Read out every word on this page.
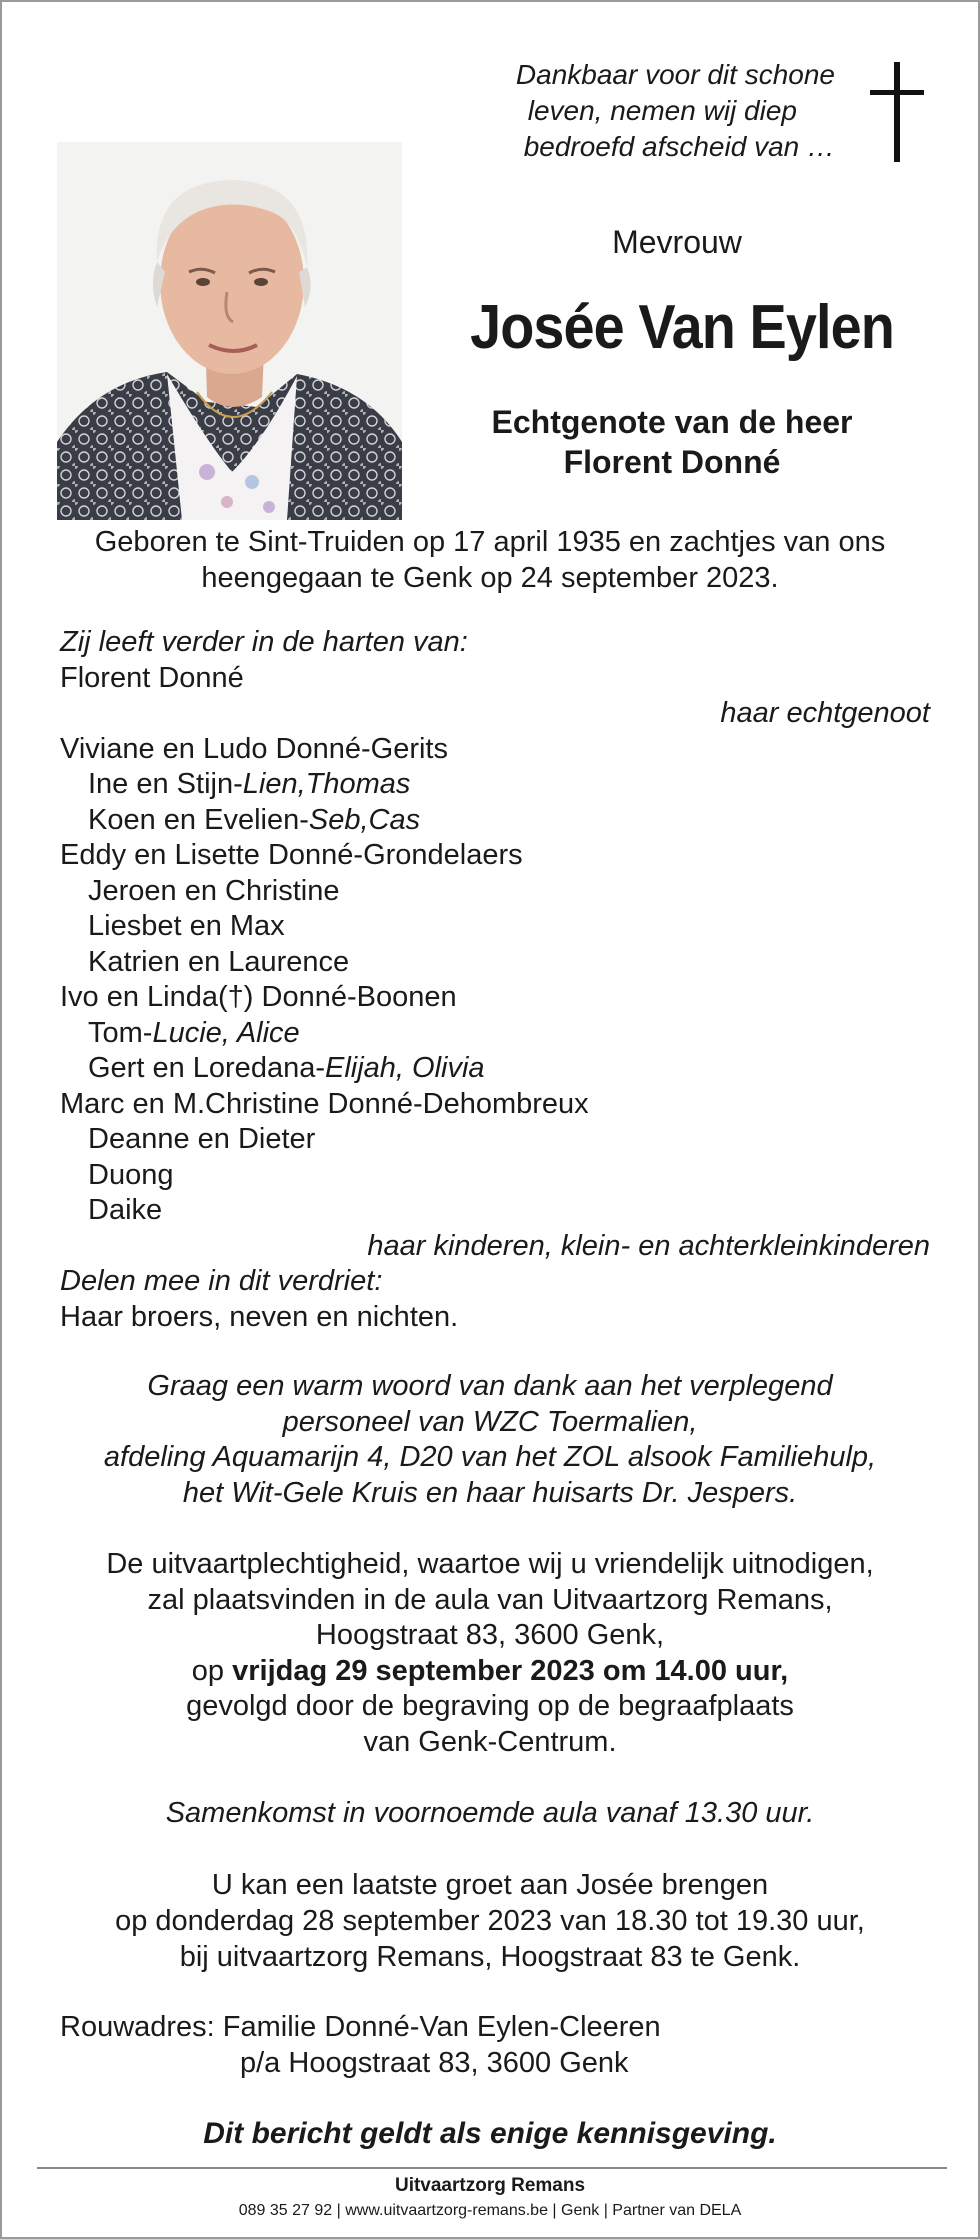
Dankbaar voor dit schone
leven, nemen wij diep
bedroefd afscheid van …
Mevrouw
Josée Van Eylen
Echtgenote van de heer
Florent Donné
Geboren te Sint-Truiden op 17 april 1935 en zachtjes van ons
heengegaan te Genk op 24 september 2023.
Zij leeft verder in de harten van:
Florent Donné
haar echtgenoot
Viviane en Ludo Donné-Gerits
Ine en Stijn-Lien,Thomas
Koen en Evelien-Seb,Cas
Eddy en Lisette Donné-Grondelaers
Jeroen en Christine
Liesbet en Max
Katrien en Laurence
Ivo en Linda(†) Donné-Boonen
Tom-Lucie, Alice
Gert en Loredana-Elijah, Olivia
Marc en M.Christine Donné-Dehombreux
Deanne en Dieter
Duong
Daike
haar kinderen, klein- en achterkleinkinderen
Delen mee in dit verdriet:
Haar broers, neven en nichten.
Graag een warm woord van dank aan het verplegend
personeel van WZC Toermalien,
afdeling Aquamarijn 4, D20 van het ZOL alsook Familiehulp,
het Wit-Gele Kruis en haar huisarts Dr. Jespers.
De uitvaartplechtigheid, waartoe wij u vriendelijk uitnodigen,
zal plaatsvinden in de aula van Uitvaartzorg Remans,
Hoogstraat 83, 3600 Genk,
op vrijdag 29 september 2023 om 14.00 uur,
gevolgd door de begraving op de begraafplaats
van Genk-Centrum.
Samenkomst in voornoemde aula vanaf 13.30 uur.
U kan een laatste groet aan Josée brengen
op donderdag 28 september 2023 van 18.30 tot 19.30 uur,
bij uitvaartzorg Remans, Hoogstraat 83 te Genk.
Rouwadres: Familie Donné-Van Eylen-Cleeren
p/a Hoogstraat 83, 3600 Genk
Dit bericht geldt als enige kennisgeving.
Uitvaartzorg Remans
089 35 27 92 | www.uitvaartzorg-remans.be | Genk | Partner van DELA
